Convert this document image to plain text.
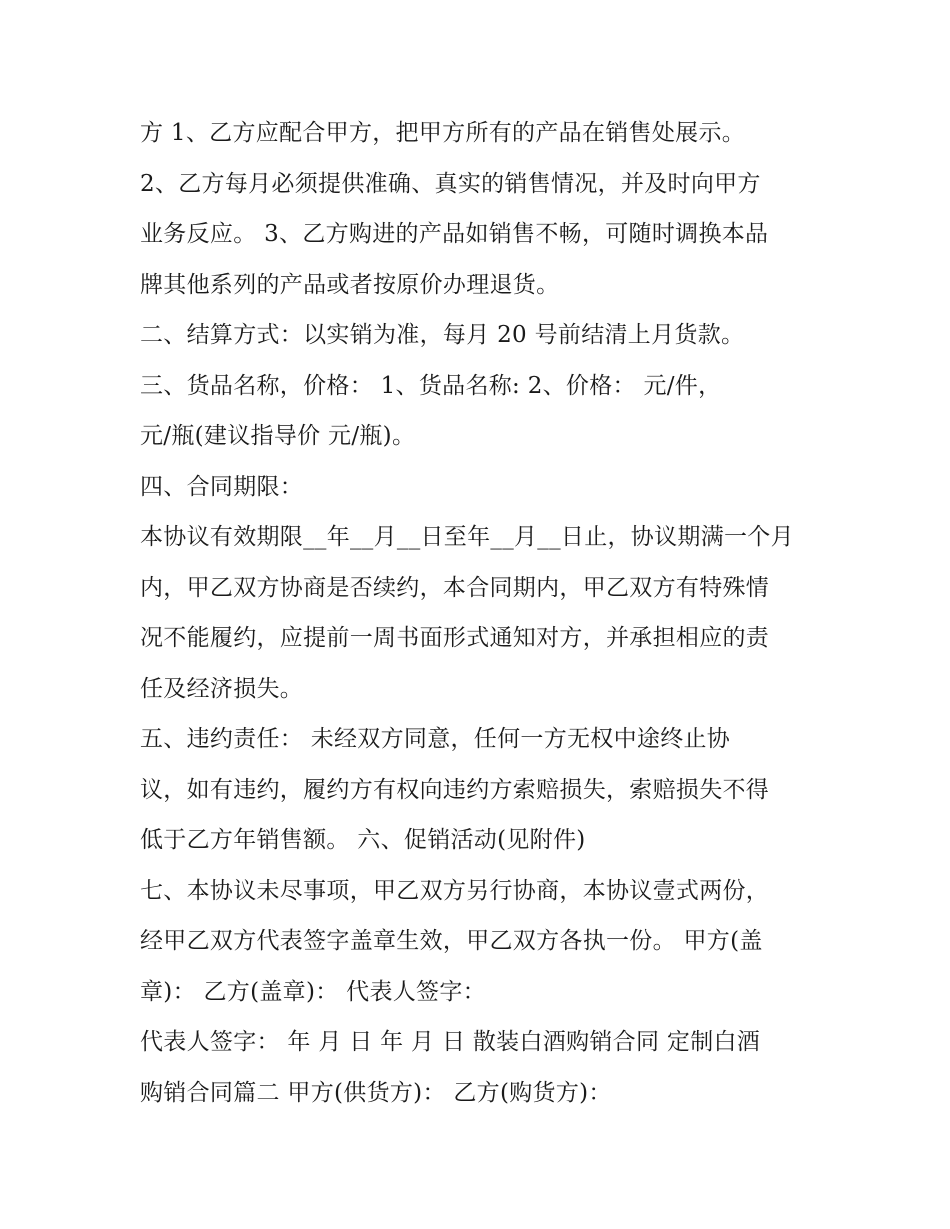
方 1、乙方应配合甲方，把甲方所有的产品在销售处展示。
2、乙方每月必须提供准确、真实的销售情况，并及时向甲方
业务反应。 3、乙方购进的产品如销售不畅，可随时调换本品
牌其他系列的产品或者按原价办理退货。
二、结算方式：以实销为准，每月 20 号前结清上月货款。
三、货品名称，价格： 1、货品名称: 2、价格： 元/件，
元/瓶(建议指导价 元/瓶)。
四、合同期限：
本协议有效期限__年__月__日至年__月__日止，协议期满一个月
内，甲乙双方协商是否续约，本合同期内，甲乙双方有特殊情
况不能履约，应提前一周书面形式通知对方，并承担相应的责
任及经济损失。
五、违约责任： 未经双方同意，任何一方无权中途终止协
议，如有违约，履约方有权向违约方索赔损失，索赔损失不得
低于乙方年销售额。 六、促销活动(见附件)
七、本协议未尽事项，甲乙双方另行协商，本协议壹式两份，
经甲乙双方代表签字盖章生效，甲乙双方各执一份。 甲方(盖
章)： 乙方(盖章)： 代表人签字：
代表人签字： 年 月 日 年 月 日 散装白酒购销合同 定制白酒
购销合同篇二 甲方(供货方)： 乙方(购货方)：
